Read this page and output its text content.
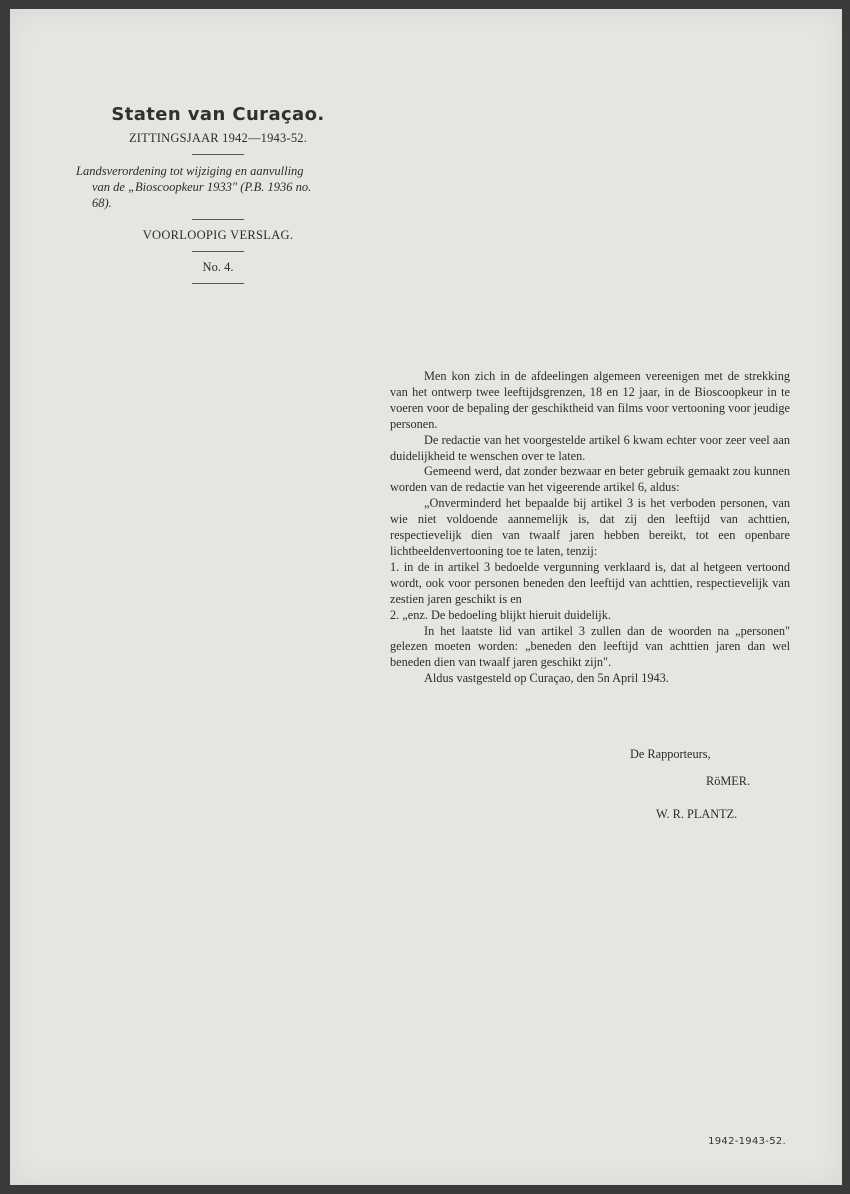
Staten van Curaçao.
ZITTINGSJAAR 1942—1943-52.
Landsverordening tot wijziging en aanvulling
van de „Bioscoopkeur 1933" (P.B. 1936 no.
68).
VOORLOOPIG VERSLAG.
No. 4.

Men kon zich in de afdeelingen algemeen vereenigen met de strekking van het ontwerp twee leeftijdsgrenzen, 18 en 12 jaar, in de Bioscoopkeur in te voeren voor de bepaling der geschiktheid van films voor vertooning voor jeudige personen.

De redactie van het voorgestelde artikel 6 kwam echter voor zeer veel aan duidelijkheid te wenschen over te laten.

Gemeend werd, dat zonder bezwaar en beter gebruik gemaakt zou kunnen worden van de redactie van het vigeerende artikel 6, aldus:

„Onverminderd het bepaalde bij artikel 3 is het verboden personen, van wie niet voldoende aannemelijk is, dat zij den leeftijd van achttien, respectievelijk dien van twaalf jaren hebben bereikt, tot een openbare lichtbeeldenvertooning toe te laten, tenzij:

1. in de in artikel 3 bedoelde vergunning verklaard is, dat al hetgeen vertoond wordt, ook voor personen beneden den leeftijd van achttien, respectievelijk van zestien jaren geschikt is en

2. „enz. De bedoeling blijkt hieruit duidelijk.

In het laatste lid van artikel 3 zullen dan de woorden na „personen" gelezen moeten worden: „beneden den leeftijd van achttien jaren dan wel beneden dien van twaalf jaren geschikt zijn".

Aldus vastgesteld op Curaçao, den 5n April 1943.

De Rapporteurs,
RöMER.
W. R. PLANTZ.
1942-1943-52.
